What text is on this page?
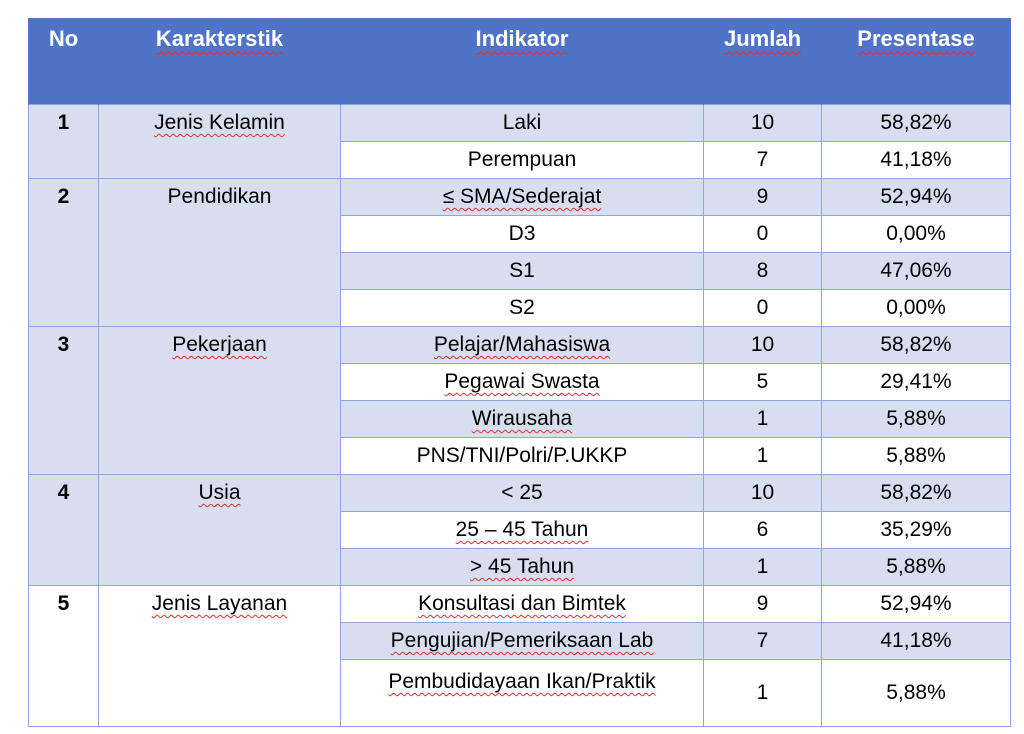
No	Karakterstik	Indikator	Jumlah	Presentase
1	Jenis Kelamin	Laki	10	58,82%
		Perempuan	7	41,18%
2	Pendidikan	≤ SMA/Sederajat	9	52,94%
		D3	0	0,00%
		S1	8	47,06%
		S2	0	0,00%
3	Pekerjaan	Pelajar/Mahasiswa	10	58,82%
		Pegawai Swasta	5	29,41%
		Wirausaha	1	5,88%
		PNS/TNI/Polri/P.UKKP	1	5,88%
4	Usia	< 25	10	58,82%
		25 – 45 Tahun	6	35,29%
		> 45 Tahun	1	5,88%
5	Jenis Layanan	Konsultasi dan Bimtek	9	52,94%
		Pengujian/Pemeriksaan Lab	7	41,18%
		Pembudidayaan Ikan/Praktik	1	5,88%
